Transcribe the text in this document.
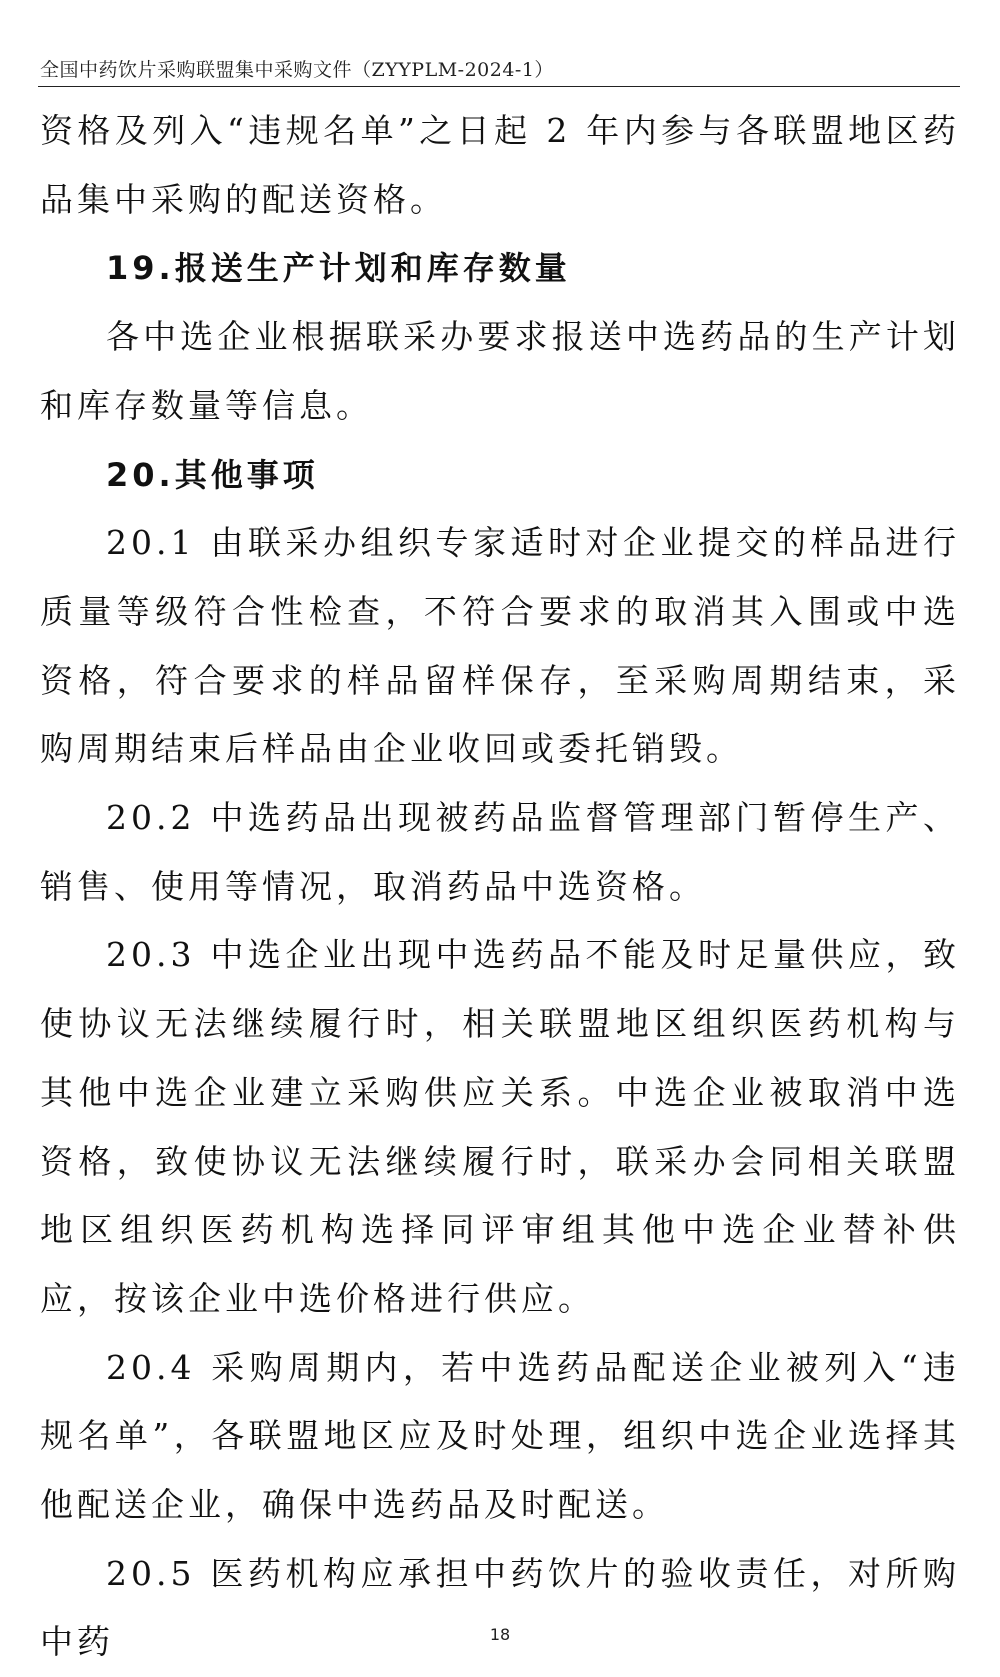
全国中药饮片采购联盟集中采购文件（ZYYPLM-2024-1）

资格及列入“违规名单”之日起 2 年内参与各联盟地区药品集中采购的配送资格。

19.报送生产计划和库存数量

各中选企业根据联采办要求报送中选药品的生产计划和库存数量等信息。

20.其他事项

20.1 由联采办组织专家适时对企业提交的样品进行质量等级符合性检查，不符合要求的取消其入围或中选资格，符合要求的样品留样保存，至采购周期结束，采购周期结束后样品由企业收回或委托销毁。

20.2 中选药品出现被药品监督管理部门暂停生产、销售、使用等情况，取消药品中选资格。

20.3 中选企业出现中选药品不能及时足量供应，致使协议无法继续履行时，相关联盟地区组织医药机构与其他中选企业建立采购供应关系。中选企业被取消中选资格，致使协议无法继续履行时，联采办会同相关联盟地区组织医药机构选择同评审组其他中选企业替补供应，按该企业中选价格进行供应。

20.4 采购周期内，若中选药品配送企业被列入“违规名单”，各联盟地区应及时处理，组织中选企业选择其他配送企业，确保中选药品及时配送。

20.5 医药机构应承担中药饮片的验收责任，对所购中药	18
